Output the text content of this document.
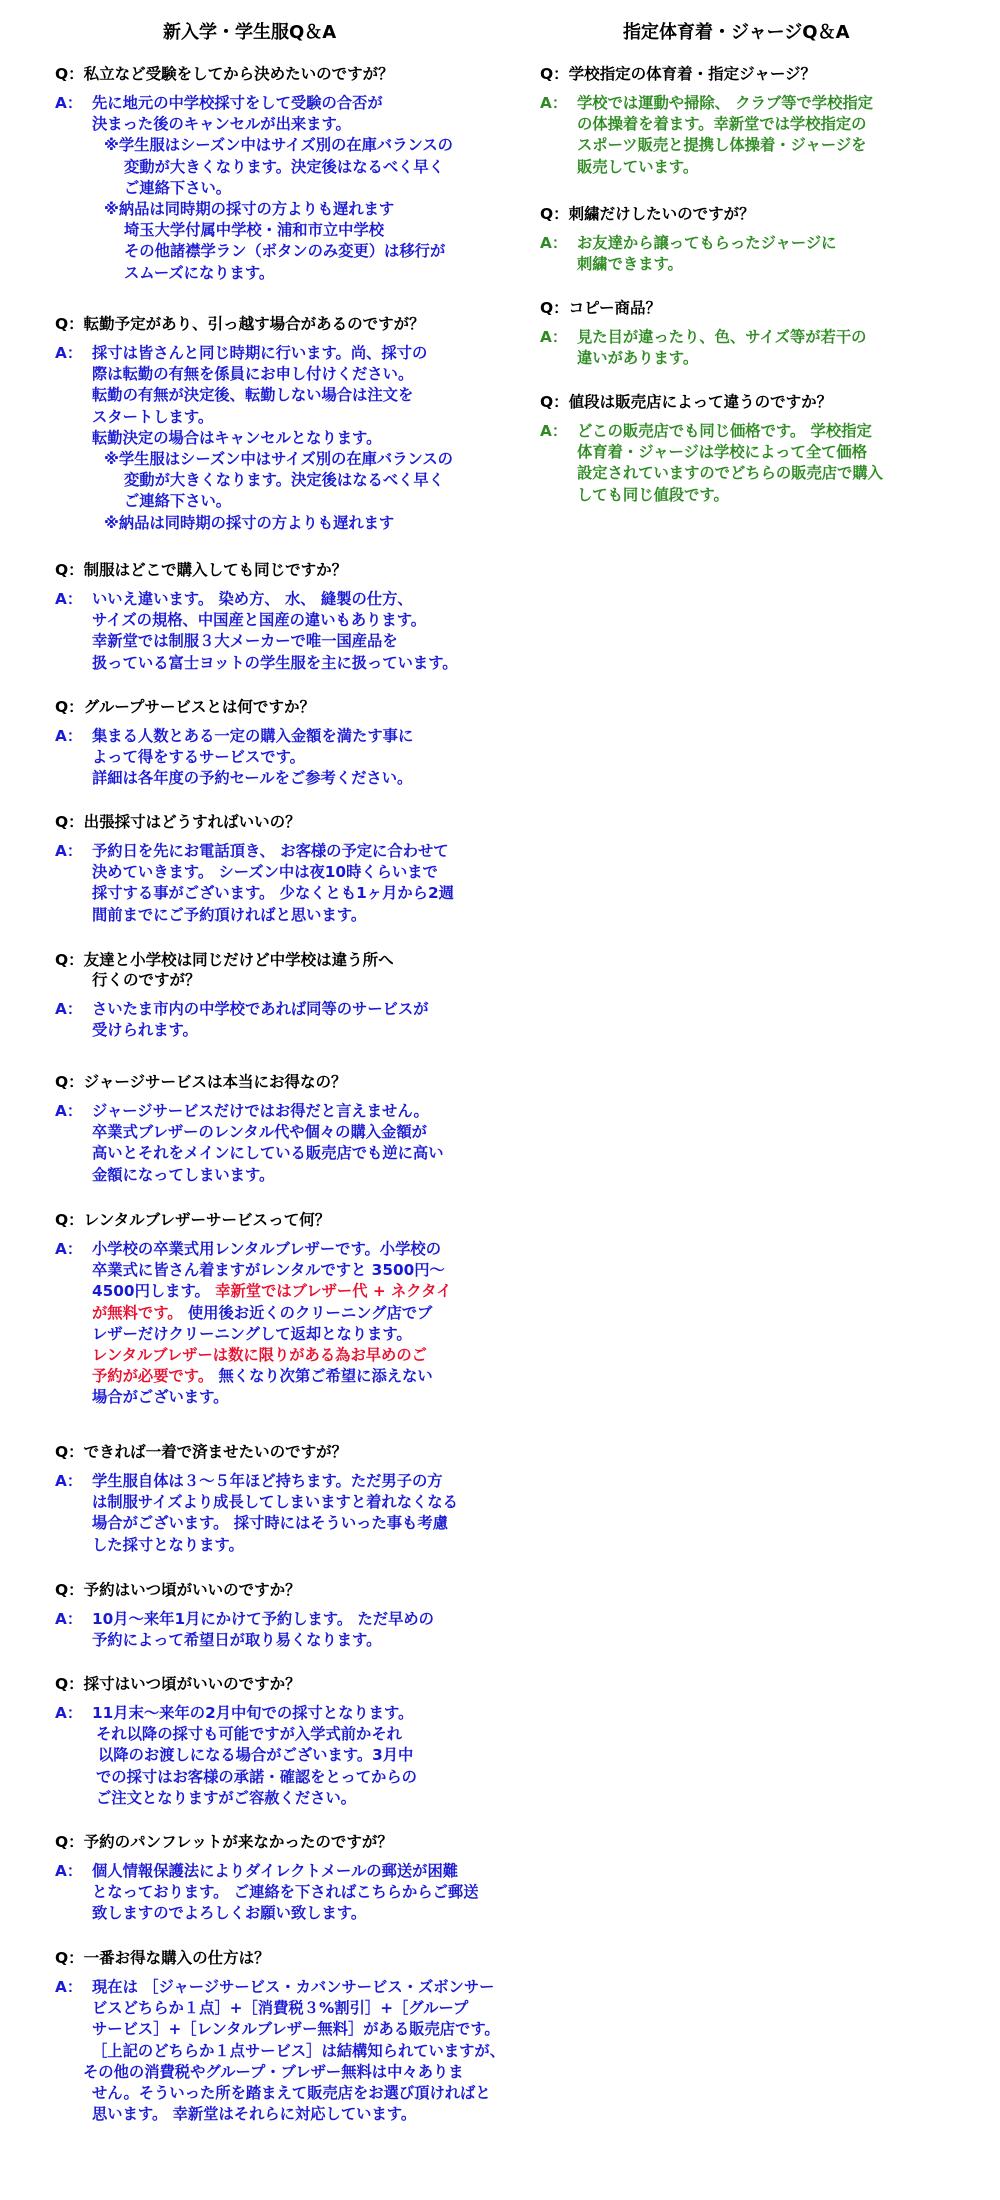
新入学・学生服Q＆A
Q：私立など受験をしてから決めたいのですが？
A： 先に地元の中学校採寸をして受験の合否が
決まった後のキャンセルが出来ます。
※学生服はシーズン中はサイズ別の在庫バランスの
変動が大きくなります。決定後はなるべく早く
ご連絡下さい。
※納品は同時期の採寸の方よりも遅れます
埼玉大学付属中学校・浦和市立中学校
その他諸襟学ラン（ボタンのみ変更）は移行が
スムーズになります。
Q：転勤予定があり、引っ越す場合があるのですが？
A： 採寸は皆さんと同じ時期に行います。尚、採寸の
際は転勤の有無を係員にお申し付けください。
転勤の有無が決定後、転勤しない場合は注文を
スタートします。
転勤決定の場合はキャンセルとなります。
※学生服はシーズン中はサイズ別の在庫バランスの
変動が大きくなります。決定後はなるべく早く
ご連絡下さい。
※納品は同時期の採寸の方よりも遅れます
Q：制服はどこで購入しても同じですか？
A： いいえ違います。 染め方、 水、 縫製の仕方、
サイズの規格、中国産と国産の違いもあります。
幸新堂では制服３大メーカーで唯一国産品を
扱っている富士ヨットの学生服を主に扱っています。
Q：グループサービスとは何ですか？
A： 集まる人数とある一定の購入金額を満たす事に
よって得をするサービスです。
詳細は各年度の予約セールをご参考ください。
Q：出張採寸はどうすればいいの？
A： 予約日を先にお電話頂き、 お客様の予定に合わせて
決めていきます。 シーズン中は夜10時くらいまで
採寸する事がございます。 少なくとも1ヶ月から2週
間前までにご予約頂ければと思います。
Q：友達と小学校は同じだけど中学校は違う所へ
行くのですが？
A： さいたま市内の中学校であれば同等のサービスが
受けられます。
Q：ジャージサービスは本当にお得なの？
A： ジャージサービスだけではお得だと言えません。
卒業式ブレザーのレンタル代や個々の購入金額が
高いとそれをメインにしている販売店でも逆に高い
金額になってしまいます。
Q：レンタルブレザーサービスって何？
A： 小学校の卒業式用レンタルブレザーです。小学校の
卒業式に皆さん着ますがレンタルですと 3500円～
4500円します。 幸新堂ではブレザー代 + ネクタイ
が無料です。 使用後お近くのクリーニング店でブ
レザーだけクリーニングして返却となります。
レンタルブレザーは数に限りがある為お早めのご
予約が必要です。 無くなり次第ご希望に添えない
場合がございます。
Q：できれば一着で済ませたいのですが？
A： 学生服自体は３～５年ほど持ちます。ただ男子の方
は制服サイズより成長してしまいますと着れなくなる
場合がございます。 採寸時にはそういった事も考慮
した採寸となります。
Q：予約はいつ頃がいいのですか？
A： 10月～来年1月にかけて予約します。 ただ早めの
予約によって希望日が取り易くなります。
Q：採寸はいつ頃がいいのですか？
A： 11月末～来年の2月中旬での採寸となります。
それ以降の採寸も可能ですが入学式前かそれ
以降のお渡しになる場合がございます。3月中
での採寸はお客様の承諾・確認をとってからの
ご注文となりますがご容赦ください。
Q：予約のパンフレットが来なかったのですが？
A： 個人情報保護法によりダイレクトメールの郵送が困難
となっております。 ご連絡を下さればこちらからご郵送
致しますのでよろしくお願い致します。
Q：一番お得な購入の仕方は？
A： 現在は ［ジャージサービス・カバンサービス・ズボンサー
ビスどちらか１点］+［消費税３%割引］+［グループ
サービス］+［レンタルブレザー無料］がある販売店です。
［上記のどちらか１点サービス］は結構知られていますが、
その他の消費税やグループ・ブレザー無料は中々ありま
せん。そういった所を踏まえて販売店をお選び頂ければと
思います。 幸新堂はそれらに対応しています。
指定体育着・ジャージQ＆A
Q：学校指定の体育着・指定ジャージ？
A： 学校では運動や掃除、 クラブ等で学校指定
の体操着を着ます。幸新堂では学校指定の
スポーツ販売と提携し体操着・ジャージを
販売しています。
Q：刺繍だけしたいのですが？
A： お友達から譲ってもらったジャージに
刺繍できます。
Q：コピー商品？
A： 見た目が違ったり、色、サイズ等が若干の
違いがあります。
Q：値段は販売店によって違うのですか？
A： どこの販売店でも同じ価格です。 学校指定
体育着・ジャージは学校によって全て価格
設定されていますのでどちらの販売店で購入
しても同じ値段です。
